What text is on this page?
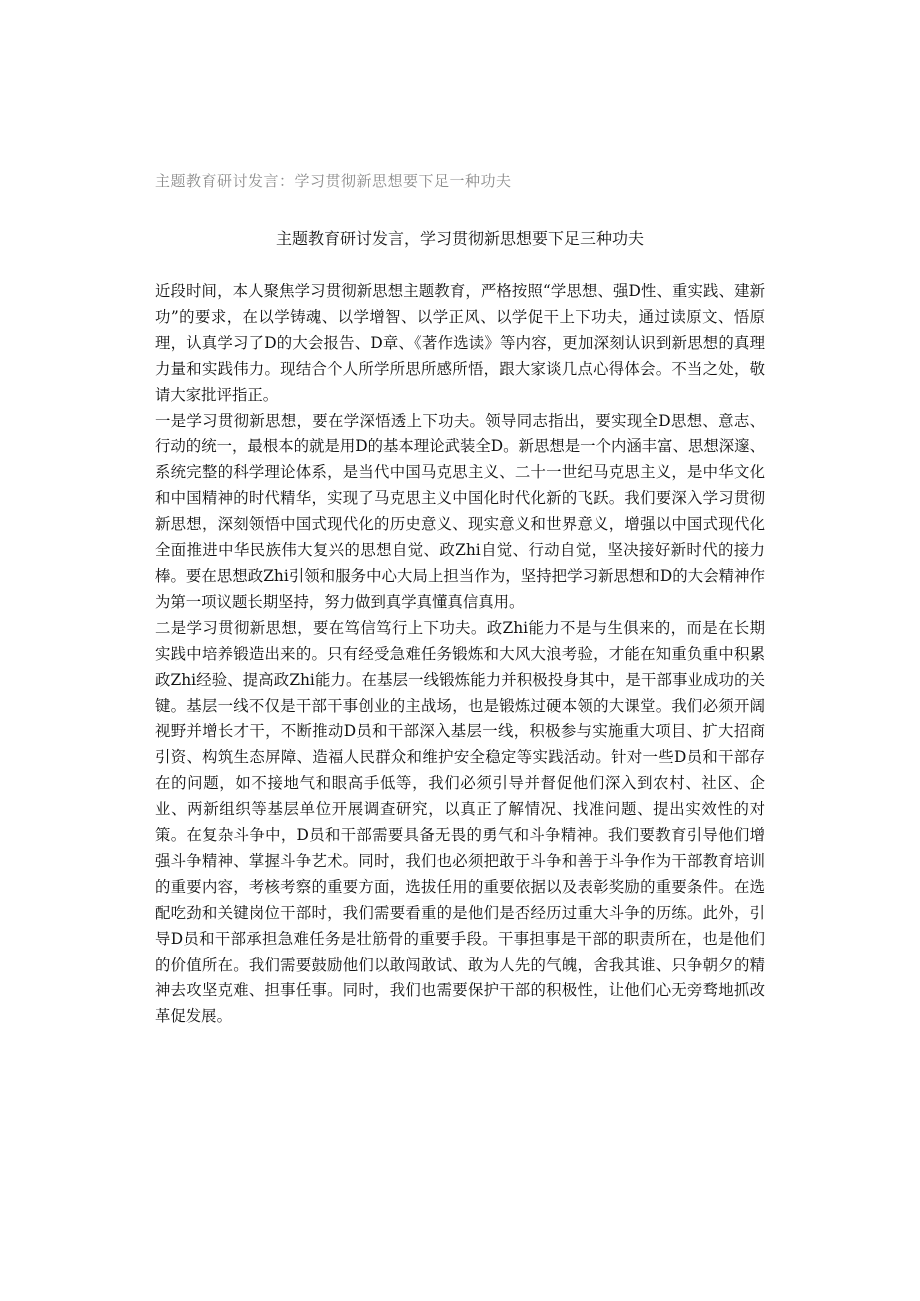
主题教育研讨发言：学习贯彻新思想要下足一种功夫
主题教育研讨发言，学习贯彻新思想要下足三种功夫

近段时间，本人聚焦学习贯彻新思想主题教育，严格按照“学思想、强D性、重实践、建新功”的要求，在以学铸魂、以学增智、以学正风、以学促干上下功夫，通过读原文、悟原理，认真学习了D的大会报告、D章、《著作选读》等内容，更加深刻认识到新思想的真理力量和实践伟力。现结合个人所学所思所感所悟，跟大家谈几点心得体会。不当之处，敬请大家批评指正。

一是学习贯彻新思想，要在学深悟透上下功夫。领导同志指出，要实现全D思想、意志、行动的统一，最根本的就是用D的基本理论武装全D。新思想是一个内涵丰富、思想深邃、系统完整的科学理论体系，是当代中国马克思主义、二十一世纪马克思主义，是中华文化和中国精神的时代精华，实现了马克思主义中国化时代化新的飞跃。我们要深入学习贯彻新思想，深刻领悟中国式现代化的历史意义、现实意义和世界意义，增强以中国式现代化全面推进中华民族伟大复兴的思想自觉、政Zhi自觉、行动自觉，坚决接好新时代的接力棒。要在思想政Zhi引领和服务中心大局上担当作为，坚持把学习新思想和D的大会精神作为第一项议题长期坚持，努力做到真学真懂真信真用。

二是学习贯彻新思想，要在笃信笃行上下功夫。政Zhi能力不是与生俱来的，而是在长期实践中培养锻造出来的。只有经受急难任务锻炼和大风大浪考验，才能在知重负重中积累政Zhi经验、提高政Zhi能力。在基层一线锻炼能力并积极投身其中，是干部事业成功的关键。基层一线不仅是干部干事创业的主战场，也是锻炼过硬本领的大课堂。我们必须开阔视野并增长才干，不断推动D员和干部深入基层一线，积极参与实施重大项目、扩大招商引资、构筑生态屏障、造福人民群众和维护安全稳定等实践活动。针对一些D员和干部存在的问题，如不接地气和眼高手低等，我们必须引导并督促他们深入到农村、社区、企业、两新组织等基层单位开展调查研究，以真正了解情况、找准问题、提出实效性的对策。在复杂斗争中，D员和干部需要具备无畏的勇气和斗争精神。我们要教育引导他们增强斗争精神、掌握斗争艺术。同时，我们也必须把敢于斗争和善于斗争作为干部教育培训的重要内容，考核考察的重要方面，选拔任用的重要依据以及表彰奖励的重要条件。在选配吃劲和关键岗位干部时，我们需要看重的是他们是否经历过重大斗争的历练。此外，引导D员和干部承担急难任务是壮筋骨的重要手段。干事担事是干部的职责所在，也是他们的价值所在。我们需要鼓励他们以敢闯敢试、敢为人先的气魄，舍我其谁、只争朝夕的精神去攻坚克难、担事任事。同时，我们也需要保护干部的积极性，让他们心无旁骛地抓改革促发展。
